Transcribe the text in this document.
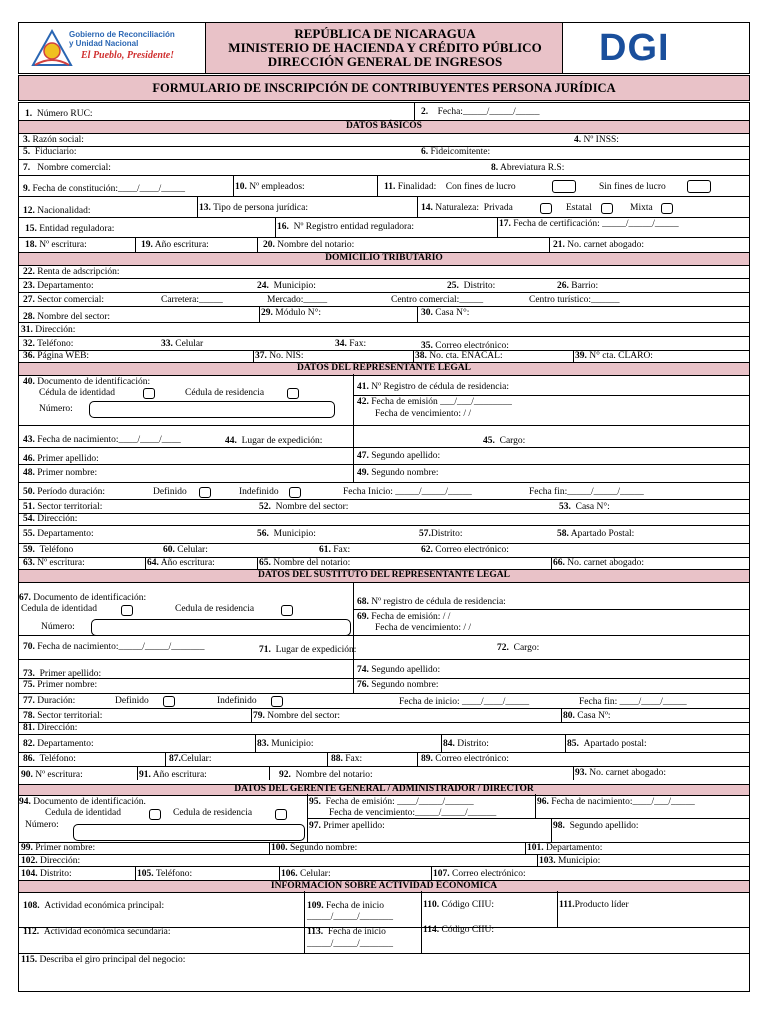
Gobierno de Reconciliación
y Unidad Nacional
El Pueblo, Presidente!
REPÚBLICA DE NICARAGUA
MINISTERIO DE HACIENDA Y CRÉDITO PÚBLICO
DIRECCIÓN GENERAL DE INGRESOS	DGI
FORMULARIO DE INSCRIPCIÓN DE CONTRIBUYENTES PERSONA JURÍDICA
1. Número RUC:	2. Fecha:_____/_____/_____
DATOS BÁSICOS
3. Razón social:	4. Nº INSS:
5. Fiduciario:	6. Fideicomitente:
7. Nombre comercial:	8. Abreviatura R.S:
9. Fecha de constitución:____/____/_____	10. Nº empleados:	11. Finalidad: Con fines de lucro	Sin fines de lucro
12. Nacionalidad:	13. Tipo de persona jurídica:	14. Naturaleza: Privada	Estatal	Mixta
15. Entidad reguladora:	16. Nº Registro entidad reguladora:	17. Fecha de certificación: _____/_____/_____
18. Nº escritura:	19. Año escritura:	20. Nombre del notario:	21. No. carnet abogado:
DOMICILIO TRIBUTARIO
22. Renta de adscripción:
23. Departamento:	24. Municipio:	25. Distrito:	26. Barrio:
27. Sector comercial:	Carretera:_____	Mercado:_____	Centro comercial:_____	Centro turístico:______
28. Nombre del sector:	29. Módulo N°:	30. Casa N°:
31. Dirección:
32. Teléfono:	33. Celular	34. Fax:	35. Correo electrónico:
36. Página WEB:	37. No. NIS:	38. No. cta. ENACAL:	39. N° cta. CLARO:
DATOS DEL REPRESENTANTE LEGAL
40. Documento de identificación:
Cédula de identidad	Cédula de residencia
Número:
41. Nº Registro de cédula de residencia:
42. Fecha de emisión ___/___/________
Fecha de vencimiento: / /
43. Fecha de nacimiento:____/____/____	44. Lugar de expedición:	45. Cargo:
46. Primer apellido:	47. Segundo apellido:
48. Primer nombre:	49. Segundo nombre:
50. Período duración:	Definido	Indefinido	Fecha Inicio: _____/_____/_____	Fecha fin:_____/_____/_____
51. Sector territorial:	52. Nombre del sector:	53. Casa N°:
54. Dirección:
55. Departamento:	56. Municipio:	57.Distrito:	58. Apartado Postal:
59. Teléfono	60. Celular:	61. Fax:	62. Correo electrónico:
63. Nº escritura:	64. Año escritura:	65. Nombre del notario:	66. No. carnet abogado:
DATOS DEL SUSTITUTO DEL REPRESENTANTE LEGAL
67. Documento de identificación:
Cedula de identidad	Cedula de residencia
Número:
68. Nº registro de cédula de residencia:
69. Fecha de emisión: / /
Fecha de vencimiento: / /
70. Fecha de nacimiento:_____/_____/_______	71. Lugar de expedición:	72. Cargo:
73. Primer apellido:	74. Segundo apellido:
75. Primer nombre:	76. Segundo nombre:
77. Duración:	Definido	Indefinido	Fecha de inicio: ____/____/_____	Fecha fin: ____/____/_____
78. Sector territorial:	79. Nombre del sector:	80. Casa Nº:
81. Dirección:
82. Departamento:	83. Municipio:	84. Distrito:	85. Apartado postal:
86. Teléfono:	87.Celular:	88. Fax:	89. Correo electrónico:
90. Nº escritura:	91. Año escritura:	92. Nombre del notario:	93. No. carnet abogado:
DATOS DEL GERENTE GENERAL / ADMINISTRADOR / DIRECTOR
94. Documento de identificación.
Cedula de identidad	Cedula de residencia
Número:
95. Fecha de emisión: ____/_____/______
Fecha de vencimiento:_____/_____/______
96. Fecha de nacimiento:____/___/_____
97. Primer apellido:	98. Segundo apellido:
99. Primer nombre:	100. Segundo nombre:	101. Departamento:
102. Dirección:	103. Municipio:
104. Distrito:	105. Teléfono:	106. Celular:	107. Correo electrónico:
INFORMACION SOBRE ACTIVIDAD ECONOMICA
108. Actividad económica principal:	109. Fecha de inicio
_____/_____/_______
110. Código CIIU:	111.Producto líder
112. Actividad económica secundaria:	113. Fecha de inicio
_____/_____/_______
114. Código CIIU:
115. Describa el giro principal del negocio:
